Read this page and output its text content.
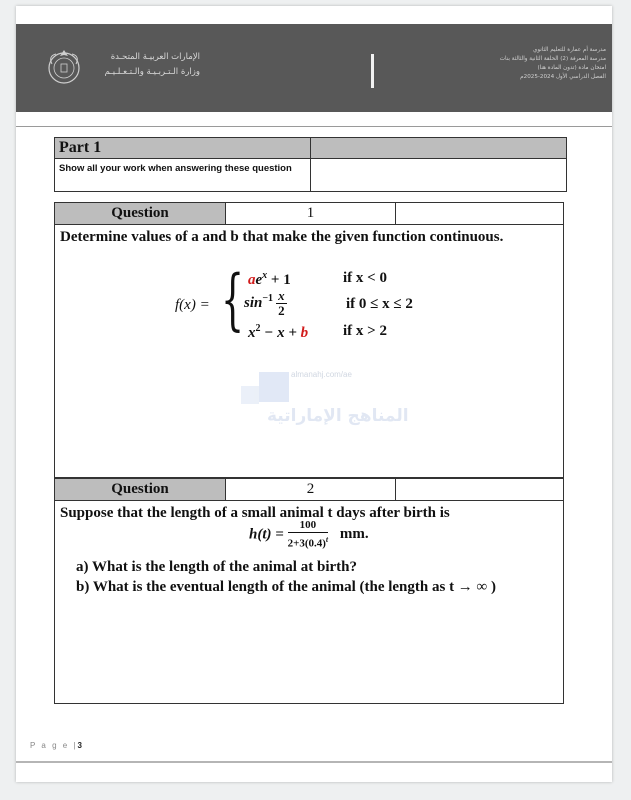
الإمارات العربيـة المتحـدة
وزارة الـتـربـيـة والـتـعـلـيـم
مدرسة أم عمارة للتعليم الثانوي
مدرسة المعرفة (2) الحلقة الثانية والثالثة بنات
امتحان مادة (تدون المادة هنا)
الفصل الدراسي الأول 2024-2025م
Part 1	
Show all your work when answering these question	
Question	1
Determine values of a and b that make the given function continuous.
f(x) = { $ae^x + 1$	if x < 0
$\sin^{-1} \frac{x}{2}$	if 0 ≤ x ≤ 2
$x^2 - x + b$ if x > 2
almanahj.com/ae
المناهج الإماراتية
Question	2
Suppose that the length of a small animal t days after birth is
$h(t) = \frac{100}{2+3(0.4)^t}$ mm.
a) What is the length of the animal at birth?
b) What is the eventual length of the animal (the length as t → ∞ )
P a g e |3
